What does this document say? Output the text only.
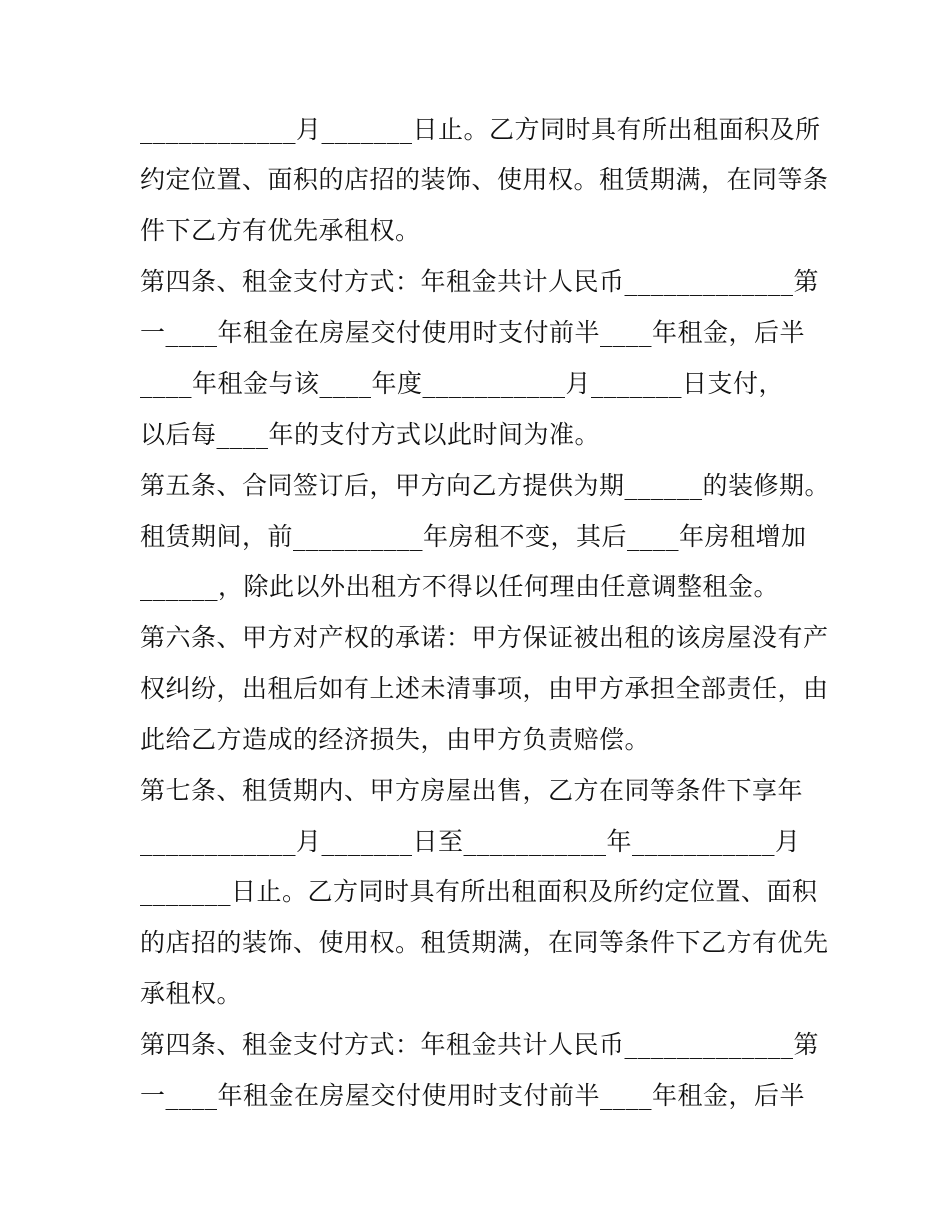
____________月_______日止。乙方同时具有所出租面积及所
约定位置、面积的店招的装饰、使用权。租赁期满，在同等条
件下乙方有优先承租权。
第四条、租金支付方式：年租金共计人民币_____________第
一____年租金在房屋交付使用时支付前半____年租金，后半
____年租金与该____年度___________月_______日支付，
以后每____年的支付方式以此时间为准。
第五条、合同签订后，甲方向乙方提供为期______的装修期。
租赁期间，前__________年房租不变，其后____年房租增加
______，除此以外出租方不得以任何理由任意调整租金。
第六条、甲方对产权的承诺：甲方保证被出租的该房屋没有产
权纠纷，出租后如有上述未清事项，由甲方承担全部责任，由
此给乙方造成的经济损失，由甲方负责赔偿。
第七条、租赁期内、甲方房屋出售，乙方在同等条件下享年
____________月_______日至___________年___________月
_______日止。乙方同时具有所出租面积及所约定位置、面积
的店招的装饰、使用权。租赁期满，在同等条件下乙方有优先
承租权。
第四条、租金支付方式：年租金共计人民币_____________第
一____年租金在房屋交付使用时支付前半____年租金，后半
